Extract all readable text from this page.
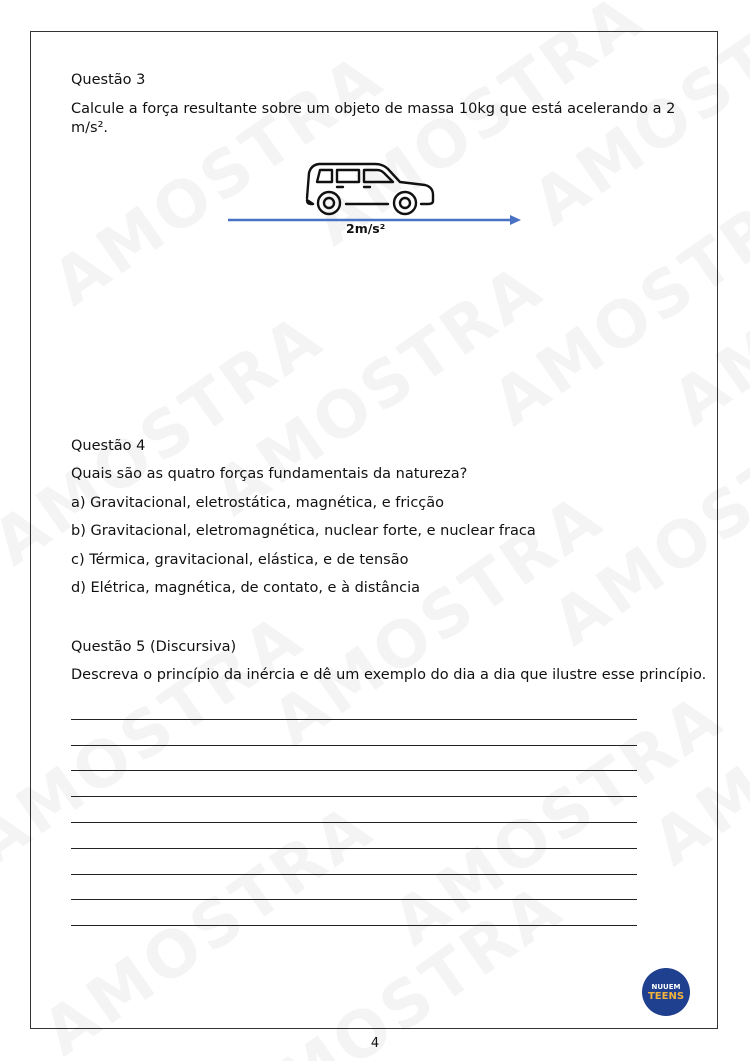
Questão 3
Calcule a força resultante sobre um objeto de massa 10kg que está acelerando a 2
m/s².
2m/s²
Questão 4
Quais são as quatro forças fundamentais da natureza?
a) Gravitacional, eletrostática, magnética, e fricção
b) Gravitacional, eletromagnética, nuclear forte, e nuclear fraca
c) Térmica, gravitacional, elástica, e de tensão
d) Elétrica, magnética, de contato, e à distância
Questão 5 (Discursiva)
Descreva o princípio da inércia e dê um exemplo do dia a dia que ilustre esse princípio.
NUUEM
TEENS
4
